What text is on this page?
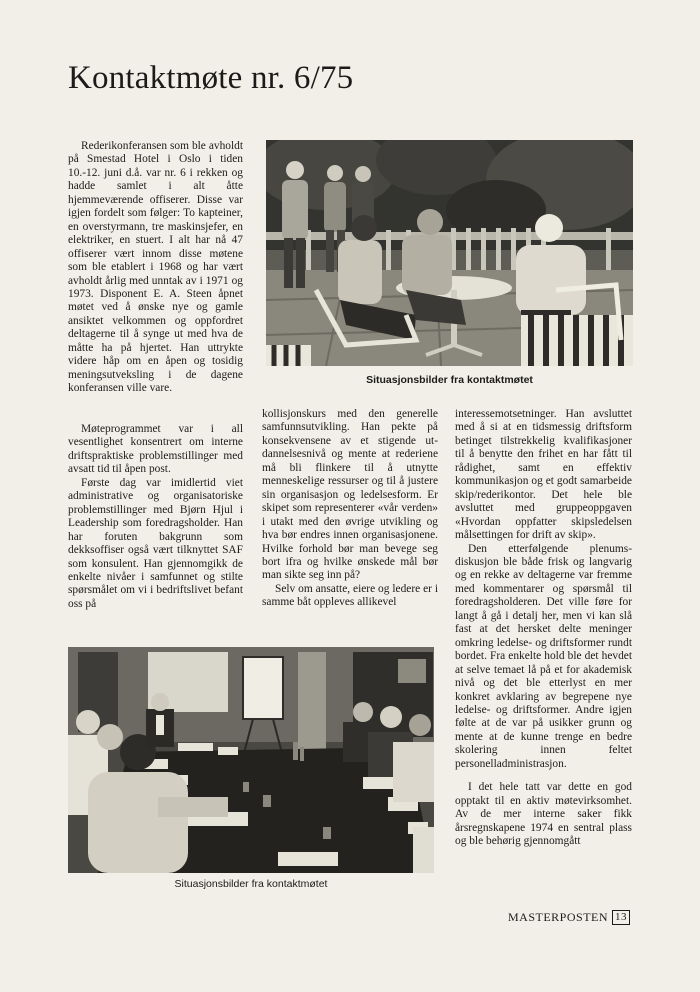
Kontaktmøte nr. 6/75

Rederikonferansen som ble avholdt på Smestad Hotel i Oslo i tiden 10.-12. juni d.å. var nr. 6 i rekken og hadde samlet i alt åtte hjemmeværende offiserer. Disse var igjen fordelt som følger: To kapteiner, en overstyrmann, tre maskinsjefer, en elektriker, en stuert. I alt har nå 47 offiserer vært innom disse møtene som ble etablert i 1968 og har vært avholdt årlig med unntak av i 1971 og 1973. Disponent E. A. Steen åpnet møtet ved å ønske nye og gamle ansiktet velkommen og oppfordret deltagerne til å synge ut med hva de måtte ha på hjertet. Han uttrykte videre håp om en åpen og tosidig meningsutveksling i de dagene konferansen ville vare.

Møteprogrammet var i all vesentlighet konsentrert om interne driftspraktiske problemstillinger med avsatt tid til åpen post.

Første dag var imidlertid viet administrative og organisatoriske problemstillinger med Bjørn Hjul i Leadership som foredragsholder. Han har foruten bakgrunn som dekksoffiser også vært tilknyttet SAF som konsulent. Han gjennomgikk de enkelte nivåer i samfunnet og stilte spørsmålet om vi i bedriftslivet befant oss på

kollisjonskurs med den generelle samfunnsutvikling. Han pekte på konsekvensene av et stigende utdannelsesnivå og mente at rederiene må bli flinkere til å utnytte menneskelige ressurser og til å justere sin organisasjon og ledelsesform. Er skipet som representerer «vår verden» i utakt med den øvrige utvikling og hva bør endres innen organisasjonene. Hvilke forhold bør man bevege seg bort ifra og hvilke ønskede mål bør man sikte seg inn på?

Selv om ansatte, eiere og ledere er i samme båt oppleves allikevel

interessemotsetninger. Han avsluttet med å si at en tidsmessig driftsform betinget tilstrekkelig kvalifikasjoner til å benytte den frihet en har fått til rådighet, samt en effektiv kommunikasjon og et godt samarbeide skip/rederikontor. Det hele ble avsluttet med gruppeoppgaven «Hvordan oppfatter skipsledelsen målsettingen for drift av skip».

Den etterfølgende plenumsdiskusjon ble både frisk og langvarig og en rekke av deltagerne var fremme med kommentarer og spørsmål til foredragsholderen. Det ville føre for langt å gå i detalj her, men vi kan slå fast at det hersket delte meninger omkring ledelse- og driftsformer rundt bordet. Fra enkelte hold ble det hevdet at selve temaet lå på et for akademisk nivå og det ble etterlyst en mer konkret avklaring av begrepene nye ledelse- og driftsformer. Andre igjen følte at de var på usikker grunn og mente at de kunne trenge en bedre skolering innen feltet personelladministrasjon.

I det hele tatt var dette en god opptakt til en aktiv møtevirksomhet. Av de mer interne saker fikk årsregnskapene 1974 en sentral plass og ble behørig gjennomgått

Situasjonsbilder fra kontaktmøtet
Situasjonsbilder fra kontaktmøtet
MASTERPOSTEN 13
